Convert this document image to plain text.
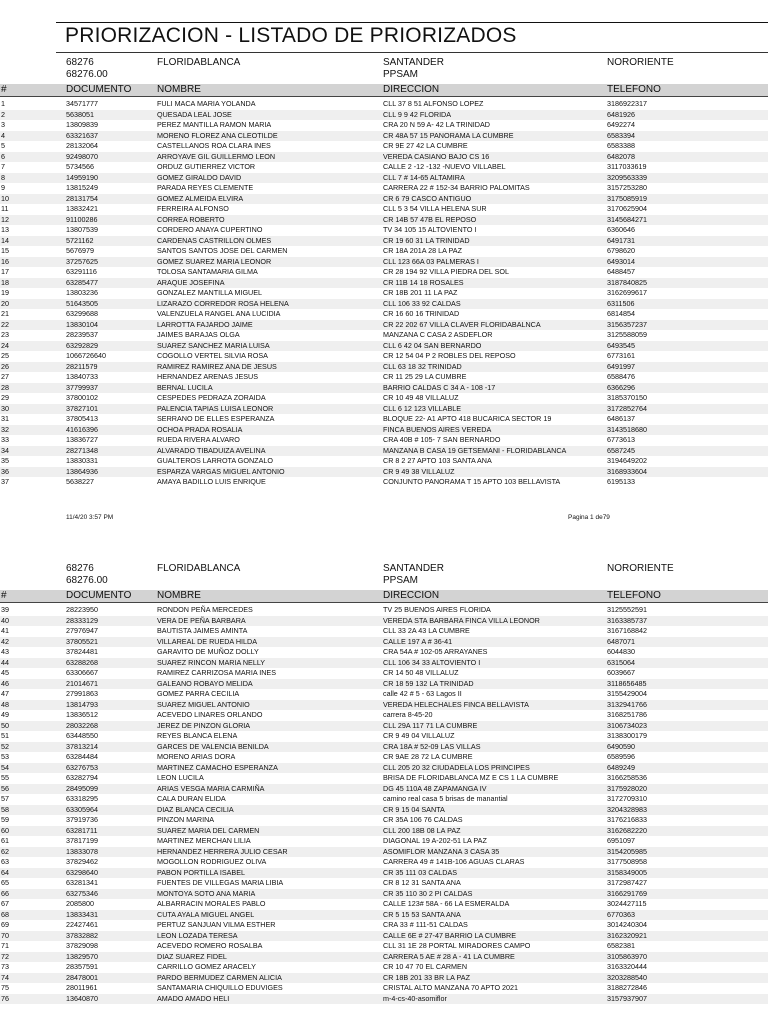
PRIORIZACION - LISTADO DE PRIORIZADOS
68276
68276.00
FLORIDABLANCA	SANTANDER
PPSAM
NORORIENTE
#	DOCUMENTO	NOMBRE	DIRECCION	TELEFONO
1	34571777	FULI MACA MARIA YOLANDA	CLL 37 8 51 ALFONSO LOPEZ	3186922317
2	5638051	QUESADA LEAL JOSE	CLL 9 9 42 FLORIDA	6481926
3	13809839	PEREZ MANTILLA RAMON MARIA	CRA 20 N 59 A- 42 LA TRINIDAD	6492274
4	63321637	MORENO FLOREZ ANA CLEOTILDE	CR 48A 57 15 PANORAMA LA CUMBRE	6583394
5	28132064	CASTELLANOS ROA CLARA INES	CR 9E 27 42 LA CUMBRE	6583388
6	92498070	ARROYAVE GIL GUILLERMO LEON	VEREDA CASIANO BAJO CS 16	6482078
7	5734566	ORDUZ GUTIERREZ VICTOR	CALLE 2 -12 -132 -NUEVO VILLABEL	3117033619
8	14959190	GOMEZ GIRALDO DAVID	CLL 7 # 14-65 ALTAMIRA	3209563339
9	13815249	PARADA REYES CLEMENTE	CARRERA 22 # 152-34 BARRIO PALOMITAS	3157253280
10	28131754	GOMEZ ALMEIDA ELVIRA	CR 6 79 CASCO ANTIGUO	3175085919
11	13832421	FERREIRA ALFONSO	CLL 5 3 54 VILLA HELENA SUR	3170625904
12	91100286	CORREA ROBERTO	CR 14B 57 47B EL REPOSO	3145684271
13	13807539	CORDERO ANAYA CUPERTINO	TV 34 105 15 ALTOVIENTO I	6360646
14	5721162	CARDENAS CASTRILLON OLMES	CR 19 60 31 LA TRINIDAD	6491731
15	5676979	SANTOS SANTOS JOSE DEL CARMEN	CR 18A 201A 28 LA PAZ	6798620
16	37257625	GOMEZ SUAREZ MARIA LEONOR	CLL 123 66A 03 PALMERAS I	6493014
17	63291116	TOLOSA SANTAMARIA GILMA	CR 28 194 92 VILLA PIEDRA DEL SOL	6488457
18	63285477	ARAQUE JOSEFINA	CR 11B 14 18 ROSALES	3187840825
19	13803236	GONZALEZ MANTILLA MIGUEL	CR 18B 201 11 LA PAZ	3162699617
20	51643505	LIZARAZO CORREDOR ROSA HELENA	CLL 106 33 92 CALDAS	6311506
21	63299688	VALENZUELA RANGEL ANA LUCIDIA	CR 16 60 16 TRINIDAD	6814854
22	13830104	LARROTTA FAJARDO JAIME	CR 22 202 67 VILLA CLAVER FLORIDABALNCA	3156357237
23	28239537	JAIMES BARAJAS OLGA	MANZANA C CASA 2 ASDEFLOR	3125588059
24	63292829	SUAREZ SANCHEZ MARIA LUISA	CLL 6 42 04 SAN BERNARDO	6493545
25	1066726640	COGOLLO VERTEL SILVIA ROSA	CR 12 54 04 P 2 ROBLES DEL REPOSO	6773161
26	28211579	RAMIREZ RAMIREZ ANA DE JESUS	CLL 63 18 32 TRINIDAD	6491997
27	13840733	HERNANDEZ ARENAS JESUS	CR 11 25 29 LA CUMBRE	6588476
28	37799937	BERNAL LUCILA	BARRIO CALDAS C 34 A - 108 -17	6366296
29	37800102	CESPEDES PEDRAZA ZORAIDA	CR 10 49 48 VILLALUZ	3185370150
30	37827101	PALENCIA TAPIAS LUISA LEONOR	CLL 6 12 123 VILLABLE	3172852764
31	37805413	SERRANO DE ELLES ESPERANZA	BLOQUE 22- A1 APTO 418 BUCARICA SECTOR 19	6486137
32	41616396	OCHOA PRADA ROSALIA	FINCA BUENOS AIRES VEREDA	3143518680
33	13836727	RUEDA RIVERA ALVARO	CRA 40B # 105- 7 SAN BERNARDO	6773613
34	28271348	ALVARADO TIBADUIZA AVELINA	MANZANA B CASA 19 GETSEMANI - FLORIDABLANCA	6587245
35	13830331	GUALTEROS LARROTA GONZALO	CR 8 2 27 APTO 103 SANTA ANA	3194649202
36	13864936	ESPARZA VARGAS MIGUEL ANTONIO	CR 9 49 38 VILLALUZ	3168933604
37	5638227	AMAYA BADILLO LUIS ENRIQUE	CONJUNTO PANORAMA T 15 APTO 103 BELLAVISTA	6195133
11/4/20 3:57 PM	Pagina 1 de79
68276
68276.00
FLORIDABLANCA	SANTANDER
PPSAM
NORORIENTE
#	DOCUMENTO	NOMBRE	DIRECCION	TELEFONO
39	28223950	RONDON PEÑA MERCEDES	TV 25 BUENOS AIRES FLORIDA	3125552591
40	28333129	VERA DE PEÑA BARBARA	VEREDA STA BARBARA FINCA VILLA LEONOR	3163385737
41	27976947	BAUTISTA JAIMES AMINTA	CLL 33 2A 43 LA CUMBRE	3167168842
42	37805521	VILLAREAL DE RUEDA HILDA	CALLE 197 A # 36-41	6487071
43	37824481	GARAVITO DE MUÑOZ DOLLY	CRA 54A # 102-05 ARRAYANES	6044830
44	63288268	SUAREZ RINCON MARIA NELLY	CLL 106 34 33 ALTOVIENTO I	6315064
45	63306667	RAMIREZ CARRIZOSA MARIA INES	CR 14 50 48 VILLALUZ	6039667
46	21014671	GALEANO ROBAYO MELIDA	CR 18 59 132 LA TRINIDAD	3118656485
47	27991863	GOMEZ PARRA CECILIA	calle 42 # 5 - 63 Lagos II	3155429004
48	13814793	SUAREZ MIGUEL ANTONIO	VEREDA HELECHALES FINCA BELLAVISTA	3132941766
49	13836512	ACEVEDO LINARES ORLANDO	carrera 8-45-20	3168251786
50	28032268	JEREZ DE PINZON GLORIA	CLL 29A 117 71 LA CUMBRE	3106734023
51	63448550	REYES BLANCA ELENA	CR 9 49 04 VILLALUZ	3138300179
52	37813214	GARCES DE VALENCIA BENILDA	CRA 18A # 52-09 LAS VILLAS	6490590
53	63284484	MORENO ARIAS DORA	CR 9AE 28 72 LA CUMBRE	6589596
54	63276753	MARTINEZ CAMACHO ESPERANZA	CLL 205 20 32 CIUDADELA LOS PRINCIPES	6489249
55	63282794	LEON LUCILA	BRISA DE FLORIDABLANCA MZ E CS 1 LA CUMBRE	3166258536
56	28495099	ARIAS VESGA MARIA CARMIÑA	DG 45 110A 48 ZAPAMANGA IV	3175928020
57	63318295	CALA DURAN ELIDA	camino real casa 5 brisas de manantial	3172709310
58	63305964	DIAZ BLANCA CECILIA	CR 9 15 04 SANTA	3204328983
59	37919736	PINZON MARINA	CR 35A 106 76 CALDAS	3176216833
60	63281711	SUAREZ MARIA DEL CARMEN	CLL 200 18B 08 LA PAZ	3162682220
61	37817199	MARTINEZ MERCHAN LILIA	DIAGONAL 19 A-202-51 LA PAZ	6951097
62	13833078	HERNANDEZ HERRERA JULIO CESAR	ASOMIFLOR MANZANA 3 CASA 35	3154205985
63	37829462	MOGOLLON RODRIGUEZ OLIVA	CARRERA 49 # 141B-106 AGUAS CLARAS	3177508958
64	63298640	PABON PORTILLA ISABEL	CR 35 111 03 CALDAS	3158349005
65	63281341	FUENTES DE VILLEGAS MARIA LIBIA	CR 8 12 31 SANTA ANA	3172987427
66	63275346	MONTOYA SOTO ANA MARIA	CR 35 110 30 2 PI CALDAS	3166291769
67	2085800	ALBARRACIN MORALES PABLO	CALLE 123# 58A - 66 LA ESMERALDA	3024427115
68	13833431	CUTA AYALA MIGUEL ANGEL	CR 5 15 53 SANTA ANA	6770363
69	22427461	PERTUZ SANJUAN VILMA ESTHER	CRA 33 # 111-51 CALDAS	3014240304
70	37832882	LEON LOZADA TERESA	CALLE 6E # 27-47 BARRIO LA CUMBRE	3162320921
71	37829098	ACEVEDO ROMERO ROSALBA	CLL 31 1E 28 PORTAL MIRADORES CAMPO	6582381
72	13829570	DIAZ SUAREZ FIDEL	CARRERA 5 AE # 28 A - 41 LA CUMBRE	3105863970
73	28357591	CARRILLO GOMEZ ARACELY	CR 10 47 70 EL CARMEN	3163320444
74	28478001	PARDO BERMUDEZ CARMEN ALICIA	CR 18B 201 33 BR LA PAZ	3203288540
75	28011961	SANTAMARIA CHIQUILLO EDUVIGES	CRISTAL ALTO MANZANA 70 APTO 2021	3188272846
76	13640870	AMADO AMADO HELI	m-4-cs-40-asomiflor	3157937907
